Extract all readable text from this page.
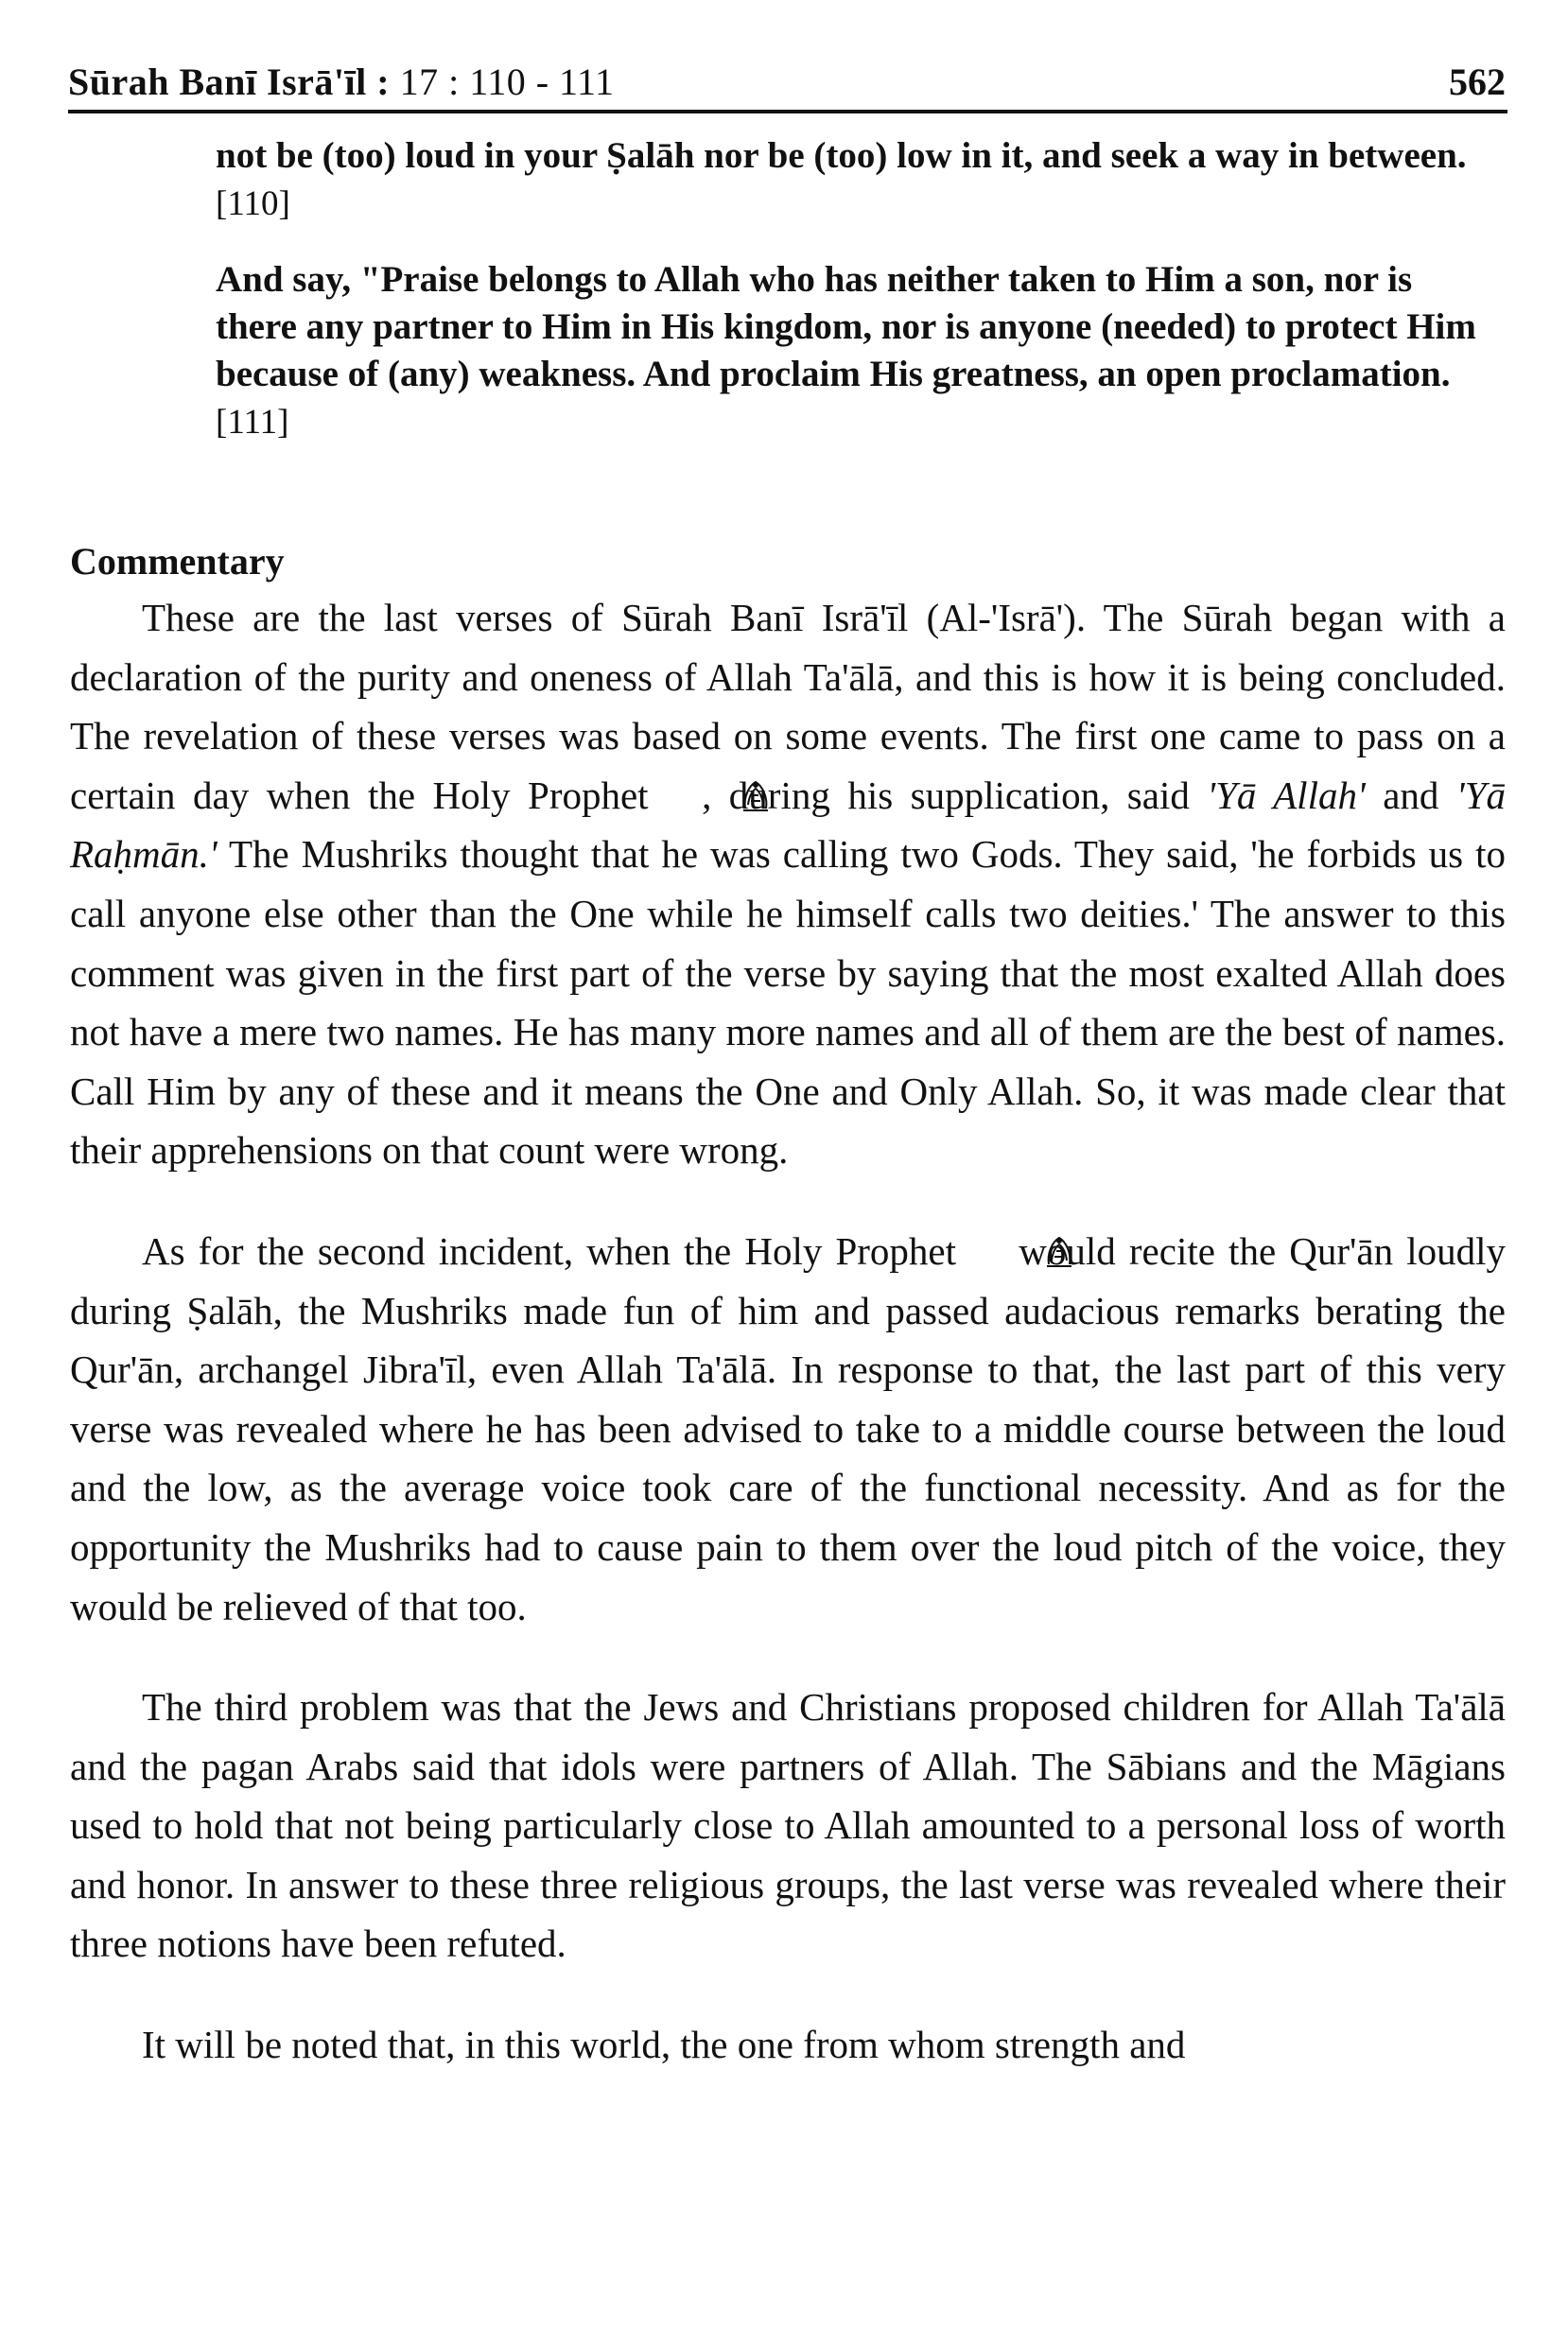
Sūrah Banī Isrā'īl : 17 : 110 - 111	562

not be (too) loud in your Ṣalāh nor be (too) low in it, and seek a way in between. [110]

And say, "Praise belongs to Allah who has neither taken to Him a son, nor is there any partner to Him in His kingdom, nor is anyone (needed) to protect Him because of (any) weakness. And proclaim His greatness, an open proclamation. [111]

Commentary

These are the last verses of Sūrah Banī Isrā'īl (Al-'Isrā'). The Sūrah began with a declaration of the purity and oneness of Allah Ta'ālā, and this is how it is being concluded. The revelation of these verses was based on some events. The first one came to pass on a certain day when the Holy Prophet , during his supplication, said 'Yā Allah' and 'Yā Raḥmān.' The Mushriks thought that he was calling two Gods. They said, 'he forbids us to call anyone else other than the One while he himself calls two deities.' The answer to this comment was given in the first part of the verse by saying that the most exalted Allah does not have a mere two names. He has many more names and all of them are the best of names. Call Him by any of these and it means the One and Only Allah. So, it was made clear that their apprehensions on that count were wrong.

As for the second incident, when the Holy Prophet would recite the Qur'ān loudly during Ṣalāh, the Mushriks made fun of him and passed audacious remarks berating the Qur'ān, archangel Jibra'īl, even Allah Ta'ālā. In response to that, the last part of this very verse was revealed where he has been advised to take to a middle course between the loud and the low, as the average voice took care of the functional necessity. And as for the opportunity the Mushriks had to cause pain to them over the loud pitch of the voice, they would be relieved of that too.

The third problem was that the Jews and Christians proposed children for Allah Ta'ālā and the pagan Arabs said that idols were partners of Allah. The Sābians and the Māgians used to hold that not being particularly close to Allah amounted to a personal loss of worth and honor. In answer to these three religious groups, the last verse was revealed where their three notions have been refuted.

It will be noted that, in this world, the one from whom strength and
